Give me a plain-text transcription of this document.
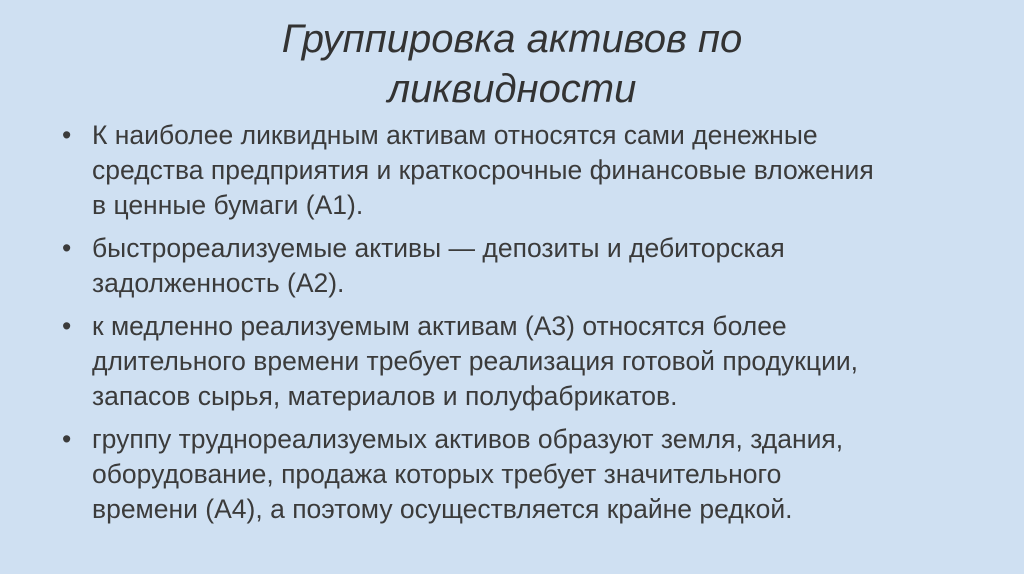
Группировка активов по
ликвидности
• К наиболее ликвидным активам относятся сами денежные
средства предприятия и краткосрочные финансовые вложения
в ценные бумаги (А1).
• быстрореализуемые активы — депозиты и дебиторская
задолженность (А2).
• к медленно реализуемым активам (А3) относятся более
длительного времени требует реализация готовой продукции,
запасов сырья, материалов и полуфабрикатов.
• группу труднореализуемых активов образуют земля, здания,
оборудование, продажа которых требует значительного
времени (А4), а поэтому осуществляется крайне редкой.
